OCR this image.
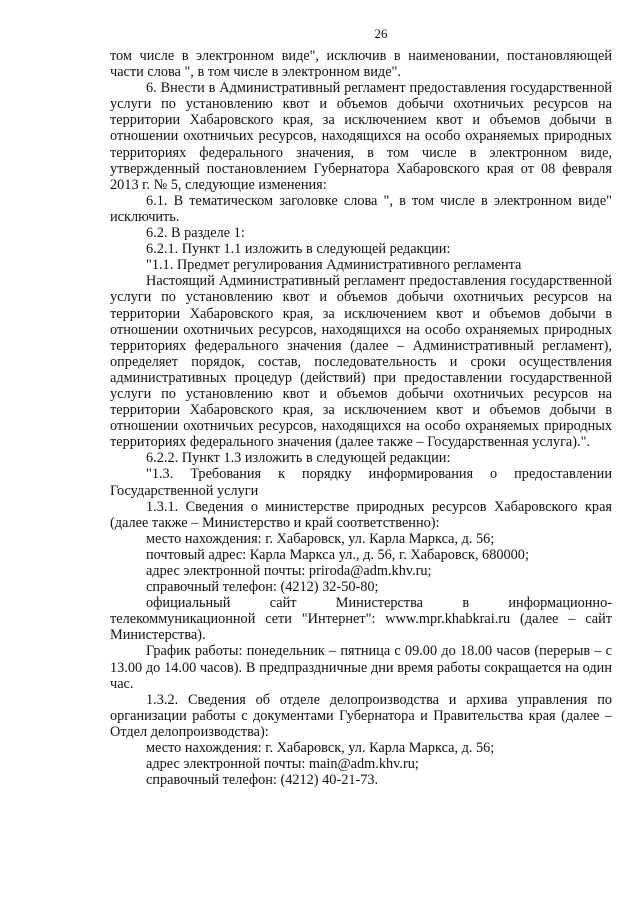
26

том числе в электронном виде", исключив в наименовании, постановляющей части слова ", в том числе в электронном виде".

6. Внести в Административный регламент предоставления государственной услуги по установлению квот и объемов добычи охотничьих ресурсов на территории Хабаровского края, за исключением квот и объемов добычи в отношении охотничьих ресурсов, находящихся на особо охраняемых природных территориях федерального значения, в том числе в электронном виде, утвержденный постановлением Губернатора Хабаровского края от 08 февраля 2013 г. № 5, следующие изменения:

6.1. В тематическом заголовке слова ", в том числе в электронном виде" исключить.

6.2. В разделе 1:

6.2.1. Пункт 1.1 изложить в следующей редакции:

"1.1. Предмет регулирования Административного регламента

Настоящий Административный регламент предоставления государственной услуги по установлению квот и объемов добычи охотничьих ресурсов на территории Хабаровского края, за исключением квот и объемов добычи в отношении охотничьих ресурсов, находящихся на особо охраняемых природных территориях федерального значения (далее – Административный регламент), определяет порядок, состав, последовательность и сроки осуществления административных процедур (действий) при предоставлении государственной услуги по установлению квот и объемов добычи охотничьих ресурсов на территории Хабаровского края, за исключением квот и объемов добычи в отношении охотничьих ресурсов, находящихся на особо охраняемых природных территориях федерального значения (далее также – Государственная услуга).".

6.2.2. Пункт 1.3 изложить в следующей редакции:

"1.3. Требования к порядку информирования о предоставлении Государственной услуги

1.3.1. Сведения о министерстве природных ресурсов Хабаровского края (далее также – Министерство и край соответственно):

место нахождения: г. Хабаровск, ул. Карла Маркса, д. 56;

почтовый адрес: Карла Маркса ул., д. 56, г. Хабаровск, 680000;

адрес электронной почты: priroda@adm.khv.ru;

справочный телефон: (4212) 32-50-80;

официальный сайт Министерства в информационно-телекоммуникационной сети "Интернет": www.mpr.khabkrai.ru (далее – сайт Министерства).

График работы: понедельник – пятница с 09.00 до 18.00 часов (перерыв – с 13.00 до 14.00 часов). В предпраздничные дни время работы сокращается на один час.

1.3.2. Сведения об отделе делопроизводства и архива управления по организации работы с документами Губернатора и Правительства края (далее – Отдел делопроизводства):

место нахождения: г. Хабаровск, ул. Карла Маркса, д. 56;

адрес электронной почты: main@adm.khv.ru;

справочный телефон: (4212) 40-21-73.
